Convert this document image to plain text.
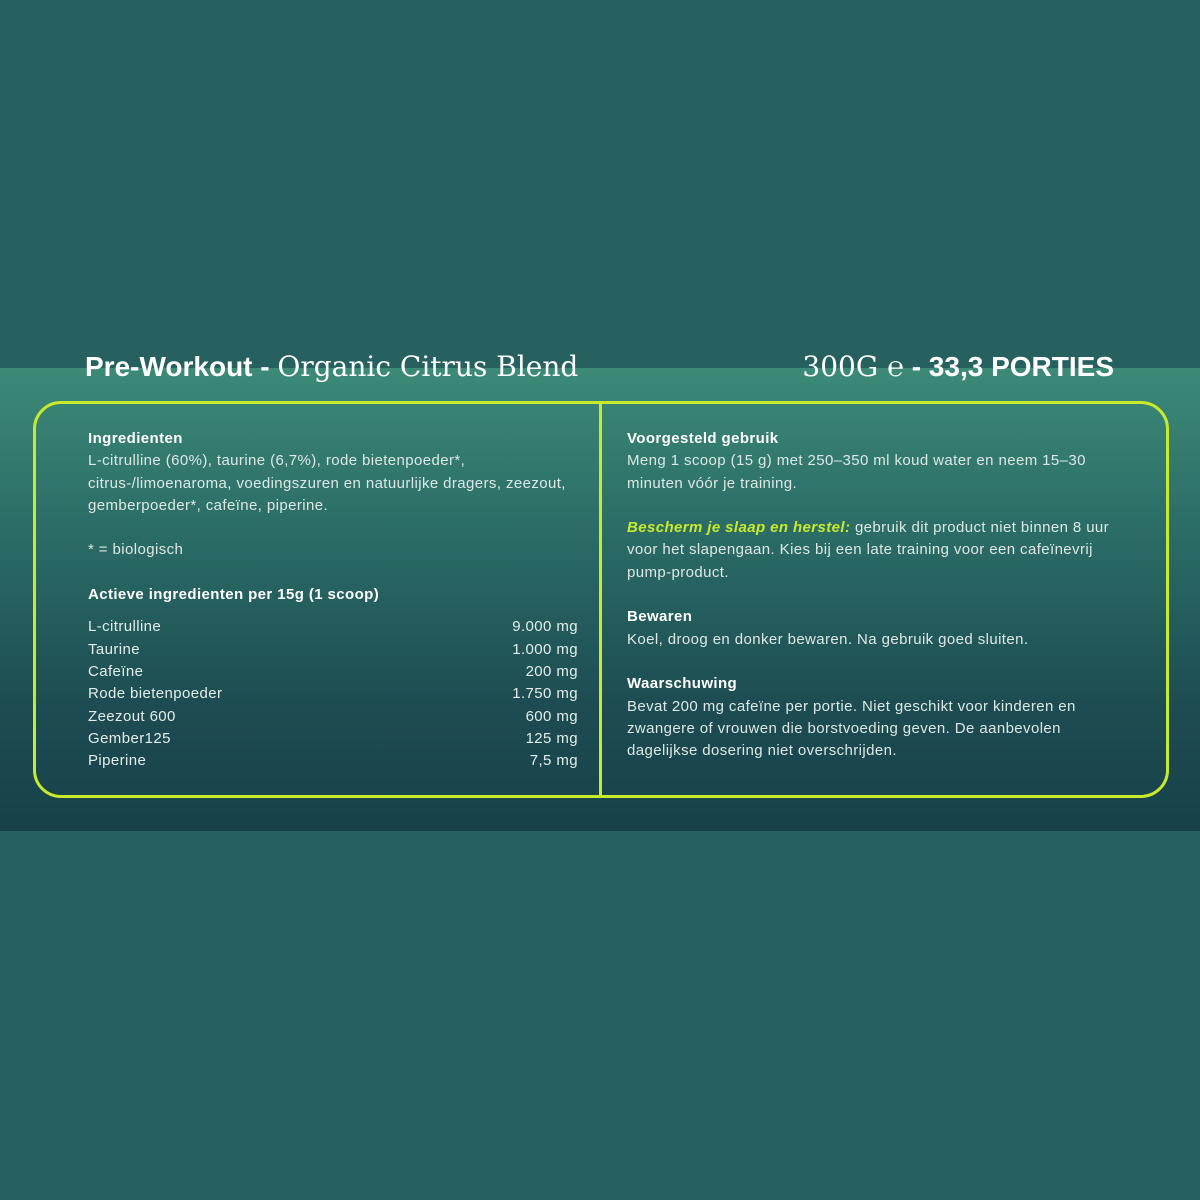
Pre-Workout - Organic Citrus Blend	300G ℮ - 33,3 PORTIES
Ingredienten
L-citrulline (60%), taurine (6,7%), rode bietenpoeder*,
citrus-/limoenaroma, voedingszuren en natuurlijke dragers, zeezout,
gemberpoeder*, cafeïne, piperine.
* = biologisch
Actieve ingredienten per 15g (1 scoop)
L-citrulline	9.000 mg
Taurine	1.000 mg
Cafeïne	200 mg
Rode bietenpoeder	1.750 mg
Zeezout 600	600 mg
Gember125	125 mg
Piperine	7,5 mg
Voorgesteld gebruik
Meng 1 scoop (15 g) met 250–350 ml koud water en neem 15–30
minuten vóór je training.
Bescherm je slaap en herstel: gebruik dit product niet binnen 8 uur
voor het slapengaan. Kies bij een late training voor een cafeïnevrij
pump-product.
Bewaren
Koel, droog en donker bewaren. Na gebruik goed sluiten.
Waarschuwing
Bevat 200 mg cafeïne per portie. Niet geschikt voor kinderen en
zwangere of vrouwen die borstvoeding geven. De aanbevolen
dagelijkse dosering niet overschrijden.
